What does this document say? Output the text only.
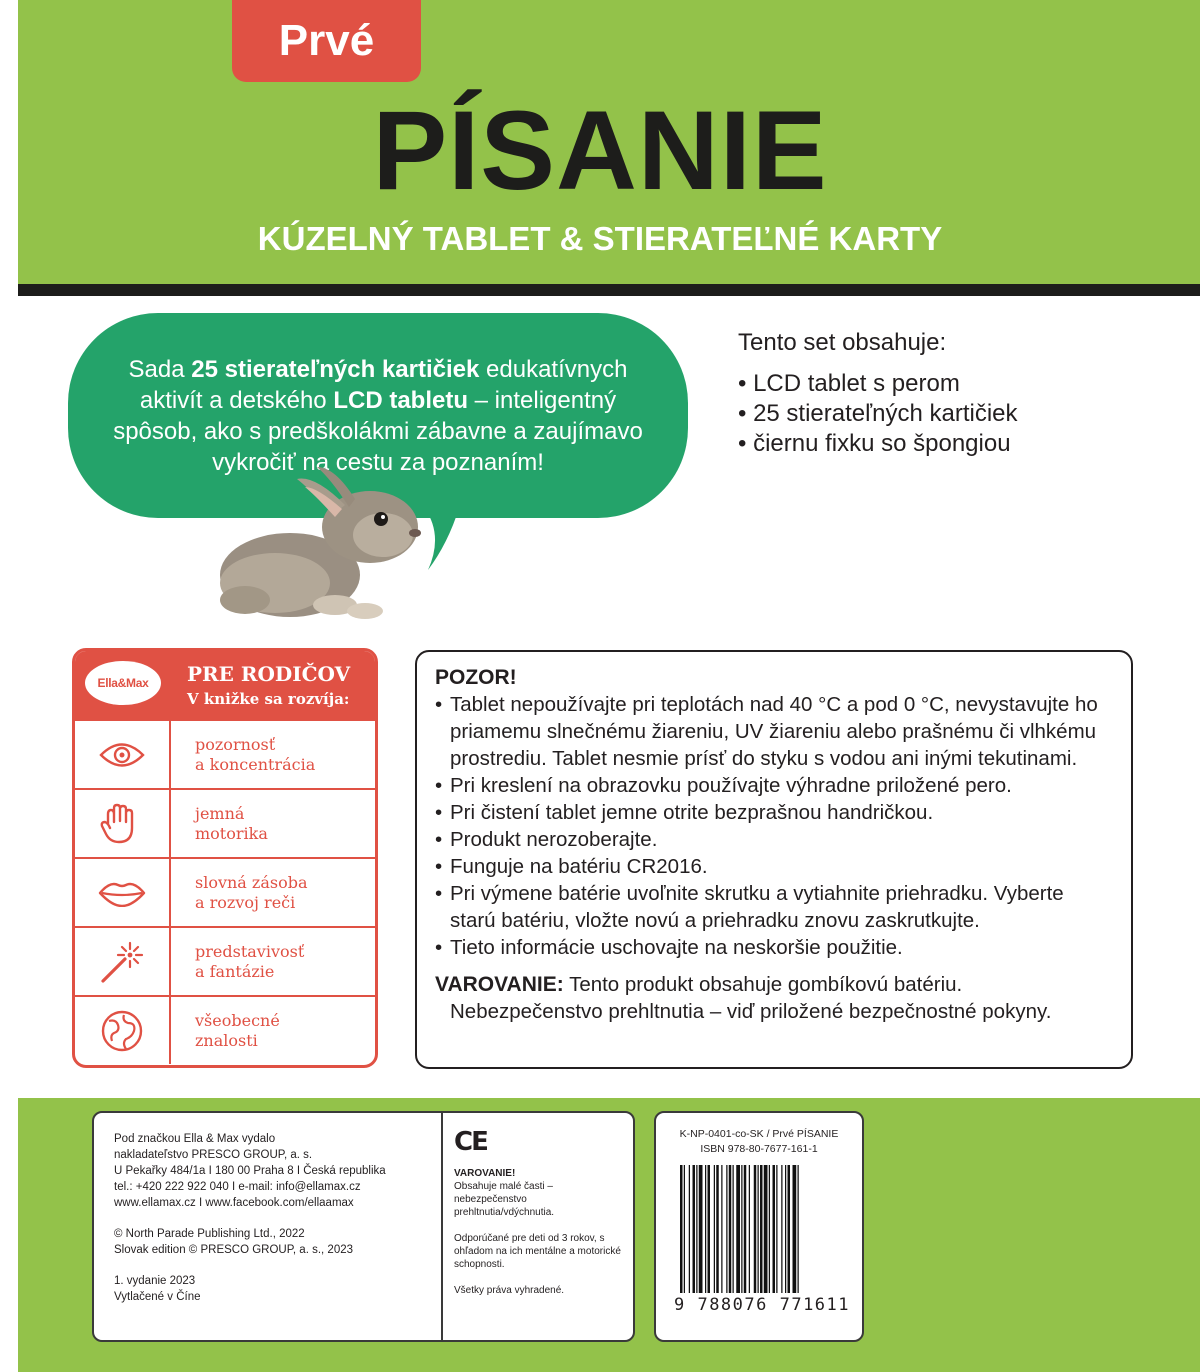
Prvé
PÍSANIE
KÚZELNÝ TABLET & STIERATEĽNÉ KARTY
Sada 25 stierateľných kartičiek edukatívnych aktivít a detského LCD tabletu – inteligentný spôsob, ako s predškolákmi zábavne a zaujímavo vykročiť na cestu za poznaním!
Tento set obsahuje:
• LCD tablet s perom
• 25 stierateľných kartičiek
• čiernu fixku so špongiou
Ella&Max	PRE RODIČOV
V knižke sa rozvíja:
pozornosť
a koncentrácia
jemná
motorika
slovná zásoba
a rozvoj reči
predstavivosť
a fantázie
všeobecné
znalosti
POZOR!
• Tablet nepoužívajte pri teplotách nad 40 °C a pod 0 °C, nevystavujte ho priamemu slnečnému žiareniu, UV žiareniu alebo prašnému či vlhkému prostrediu. Tablet nesmie prísť do styku s vodou ani inými tekutinami.
• Pri kreslení na obrazovku používajte výhradne priložené pero.
• Pri čistení tablet jemne otrite bezprašnou handričkou.
• Produkt nerozoberajte.
• Funguje na batériu CR2016.
• Pri výmene batérie uvoľnite skrutku a vytiahnite priehradku. Vyberte starú batériu, vložte novú a priehradku znovu zaskrutkujte.
• Tieto informácie uschovajte na neskoršie použitie.
VAROVANIE: Tento produkt obsahuje gombíkovú batériu.
Nebezpečenstvo prehltnutia – viď priložené bezpečnostné pokyny.
Pod značkou Ella & Max vydalo
nakladateľstvo PRESCO GROUP, a. s.
U Pekařky 484/1a I 180 00 Praha 8 I Česká republika
tel.: +420 222 922 040 I e-mail: info@ellamax.cz
www.ellamax.cz I www.facebook.com/ellaamax
© North Parade Publishing Ltd., 2022
Slovak edition © PRESCO GROUP, a. s., 2023
1. vydanie 2023
Vytlačené v Číne
CE
VAROVANIE!
Obsahuje malé časti – nebezpečenstvo prehltnutia/vdýchnutia.
Odporúčané pre deti od 3 rokov, s ohľadom na ich mentálne a motorické schopnosti.
Všetky práva vyhradené.
K-NP-0401-co-SK / Prvé PÍSANIE
ISBN 978-80-7677-161-1
9 788076 771611
